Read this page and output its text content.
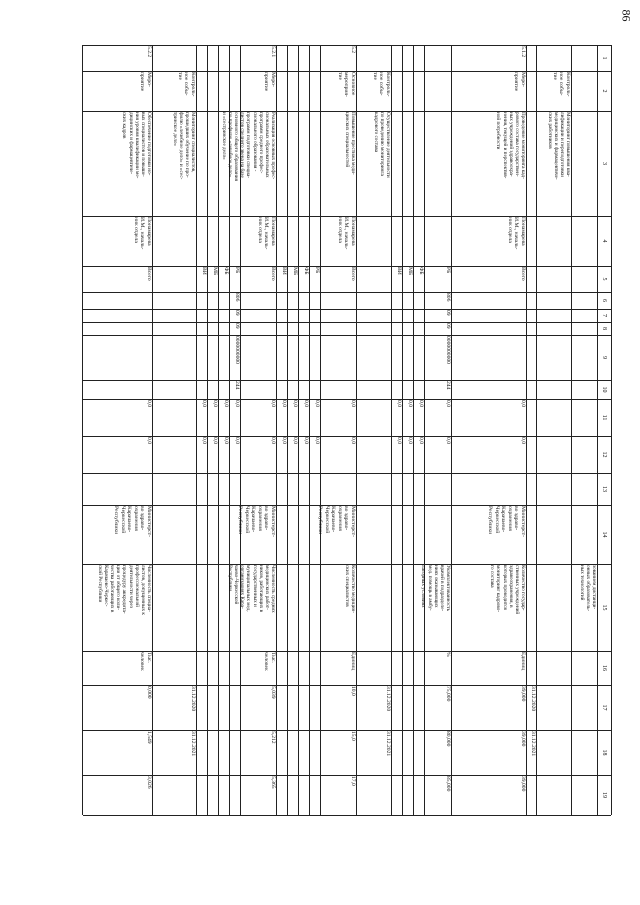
86
1
2
3
4
5
6
7
8
9
10
11
12
13
14
15
16
17
18
19
зованием дистанци-
онных образователь-
ных технологий
Контроль-
ное собы-
тие
Мониторинг повышения ква-
лификации и переподготовки
медицинских и фармацевтиче-
ских работников
31.12.2020
31.12.2021
5.1.2
Меро-
приятие
Проведение мониторинга кад-
рового состава государствен-
ных учреждений здравоохра-
нения, текущей и перспектив-
ной потребности
Понамарева
И.М., началь-
ник отдела
Всего
0,0
0,0
Министерст-
во здраво-
охранения
Карачаево-
Черкесской
Республики
Количество государ-
ственных учреждений
здравоохранения, в
которых проводится
мониторинг кадрово-
го состава
Единиц
39,000
39,000
39,000
РБ
806
09
09
0000000000
244
0,0
0,0
Укомплектованность
врачей в подразделе-
ниях оказывающих
мед. помощь в амбу-
латорных условиях
%
75,000
80,000
85,000
ФБ
0,0
0,0
МБ
0,0
0,0
ВИ
0,0
0,0
Контроль-
ное собы-
тие
Осуществление деятельности
по проведению мониторинга
кадрового состава
31.12.2020
31.12.2021
5.2
Основное
мероприя-
тие
Повышение престижа меди-
цинских специальностей
Понамарева
И.М., началь-
ник отдела
Всего
0,0
0,0
Министерст-
во здраво-
охранения
Карачаево-
Черкесской
Республики
Количество медицин-
ских специалистов
Единиц
10,0
15,0
17,0
РБ
0,0
0,0
ФБ
0,0
0,0
МБ
0,0
0,0
ВИ
0,0
0,0
5.2.1
Меро-
приятие
Реализация основных профес-
сиональных образовательных
программ среднего профес-
сионального образования -
программ подготовки специа-
листов среднего звена на базе
основного общего образования
по профилю «лечебное дело»
и «сестринское дело»
Понамарева
И.М., началь-
ник отдела
Всего
0,0
0,0
Министерст-
во здраво-
охранения
Карачаево-
Черкесской
Республики
Численность средних
медицинских работ-
ников, работающих в
государственных и
муниципальных мед.
организациях Кара-
чаево-Черкесской
Республики
Тыс.
человек
5,039
5,212
5,365
РБ
806
09
09
0000000000
244
0,0
0,0
ФБ
0,0
0,0
МБ
0,0
0,0
ВИ
0,0
0,0
Контроль-
ное собы-
тие
Мониторинг специалистов,
прошедших обучение по про-
филю «лечебное дело» и «сес-
тринское дело»
31.12.2020
31.12.2021
5.2.2
Меро-
приятие
Обеспечение подготовки но-
вых специалистов и повыше-
ния уровня квалификации ме-
дицинских и фармацевтиче-
ских кадров
Понамарева
И.М., началь-
ник отдела
Всего
0,0
0,0
Министерст-
во здраво-
охранения
Карачаево-
Черкесской
Республики
Численность специа-
листов, допущенных к
профессиональной
деятельности через
процедуру аккредита-
ции от общего коли-
чества работающих в
Карачаево-Черкес-
ской Республики
Тыс.
человек
0,000
1,549
3,026
